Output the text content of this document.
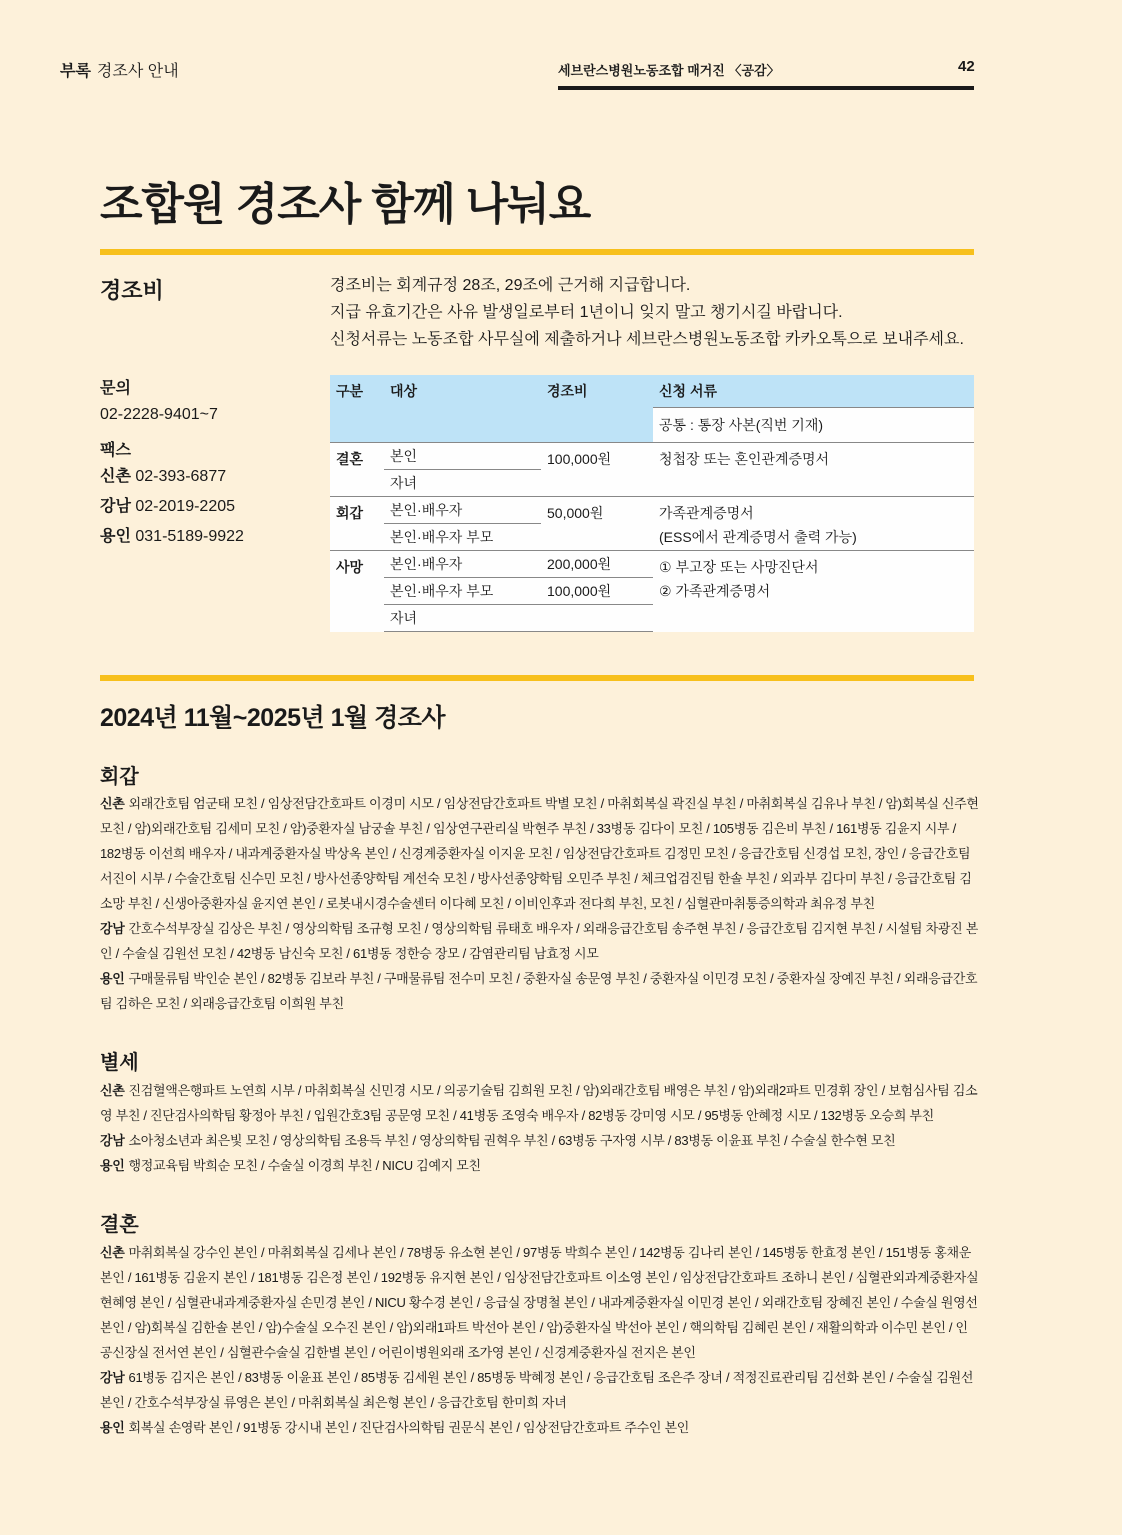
부록 경조사 안내	세브란스병원노동조합 매거진 〈공감〉	42
조합원 경조사 함께 나눠요
경조비	경조비는 회계규정 28조, 29조에 근거해 지급합니다.
지급 유효기간은 사유 발생일로부터 1년이니 잊지 말고 챙기시길 바랍니다.
신청서류는 노동조합 사무실에 제출하거나 세브란스병원노동조합 카카오톡으로 보내주세요.
문의
02-2228-9401~7
팩스
신촌 02-393-6877
강남 02-2019-2205
용인 031-5189-9922
구분	대상	경조비	신청 서류
			공통 : 통장 사본(직번 기재)
결혼	본인	100,000원	청첩장 또는 혼인관계증명서
	자녀		
회갑	본인·배우자	50,000원	가족관계증명서
(ESS에서 관계증명서 출력 가능)

	본인·배우자 부모		
사망	본인·배우자	200,000원	① 부고장 또는 사망진단서
② 가족관계증명서

	본인·배우자 부모	100,000원	
	자녀		
2024년 11월~2025년 1월 경조사
회갑

신촌 외래간호팀 엄군태 모친 / 임상전담간호파트 이경미 시모 / 임상전담간호파트 박별 모친 / 마취회복실 곽진실 부친 / 마취회복실 김유나 부친 / 암)회복실 신주현 모친 / 암)외래간호팀 김세미 모친 / 암)중환자실 남궁솔 부친 / 임상연구관리실 박현주 부친 / 33병동 김다이 모친 / 105병동 김은비 부친 / 161병동 김윤지 시부 / 182병동 이선희 배우자 / 내과계중환자실 박상옥 본인 / 신경계중환자실 이지윤 모친 / 임상전담간호파트 김정민 모친 / 응급간호팀 신경섭 모친, 장인 / 응급간호팀 서진이 시부 / 수술간호팀 신수민 모친 / 방사선종양학팀 계선숙 모친 / 방사선종양학팀 오민주 부친 / 체크업검진팀 한솔 부친 / 외과부 김다미 부친 / 응급간호팀 김소망 부친 / 신생아중환자실 윤지연 본인 / 로봇내시경수술센터 이다혜 모친 / 이비인후과 전다희 부친, 모친 / 심혈관마취통증의학과 최유정 부친

강남 간호수석부장실 김상은 부친 / 영상의학팀 조규형 모친 / 영상의학팀 류태호 배우자 / 외래응급간호팀 송주현 부친 / 응급간호팀 김지현 부친 / 시설팀 차광진 본인 / 수술실 김원선 모친 / 42병동 남신숙 모친 / 61병동 정한승 장모 / 감염관리팀 남효정 시모

용인 구매물류팀 박인순 본인 / 82병동 김보라 부친 / 구매물류팀 전수미 모친 / 중환자실 송문영 부친 / 중환자실 이민경 모친 / 중환자실 장예진 부친 / 외래응급간호팀 김하은 모친 / 외래응급간호팀 이희원 부친

별세

신촌 진검혈액은행파트 노연희 시부 / 마취회복실 신민경 시모 / 의공기술팀 김희원 모친 / 암)외래간호팀 배영은 부친 / 암)외래2파트 민경휘 장인 / 보험심사팀 김소영 부친 / 진단검사의학팀 황정아 부친 / 입원간호3팀 공문영 모친 / 41병동 조영숙 배우자 / 82병동 강미영 시모 / 95병동 안혜정 시모 / 132병동 오승희 부친

강남 소아청소년과 최은빛 모친 / 영상의학팀 조용득 부친 / 영상의학팀 권혁우 부친 / 63병동 구자영 시부 / 83병동 이윤표 부친 / 수술실 한수현 모친

용인 행정교육팀 박희순 모친 / 수술실 이경희 부친 / NICU 김예지 모친

결혼

신촌 마취회복실 강수인 본인 / 마취회복실 김세나 본인 / 78병동 유소현 본인 / 97병동 박희수 본인 / 142병동 김나리 본인 / 145병동 한효정 본인 / 151병동 홍채운 본인 / 161병동 김윤지 본인 / 181병동 김은정 본인 / 192병동 유지현 본인 / 임상전담간호파트 이소영 본인 / 임상전담간호파트 조하니 본인 / 심혈관외과계중환자실 현혜영 본인 / 심혈관내과계중환자실 손민경 본인 / NICU 황수경 본인 / 응급실 장명철 본인 / 내과계중환자실 이민경 본인 / 외래간호팀 장혜진 본인 / 수술실 원영선 본인 / 암)회복실 김한솔 본인 / 암)수술실 오수진 본인 / 암)외래1파트 박선아 본인 / 암)중환자실 박선아 본인 / 핵의학팀 김혜린 본인 / 재활의학과 이수민 본인 / 인공신장실 전서연 본인 / 심혈관수술실 김한별 본인 / 어린이병원외래 조가영 본인 / 신경계중환자실 전지은 본인

강남 61병동 김지은 본인 / 83병동 이윤표 본인 / 85병동 김세원 본인 / 85병동 박혜정 본인 / 응급간호팀 조은주 장녀 / 적정진료관리팀 김선화 본인 / 수술실 김원선 본인 / 간호수석부장실 류영은 본인 / 마취회복실 최은형 본인 / 응급간호팀 한미희 자녀

용인 회복실 손영락 본인 / 91병동 강시내 본인 / 진단검사의학팀 권문식 본인 / 임상전담간호파트 주수인 본인
